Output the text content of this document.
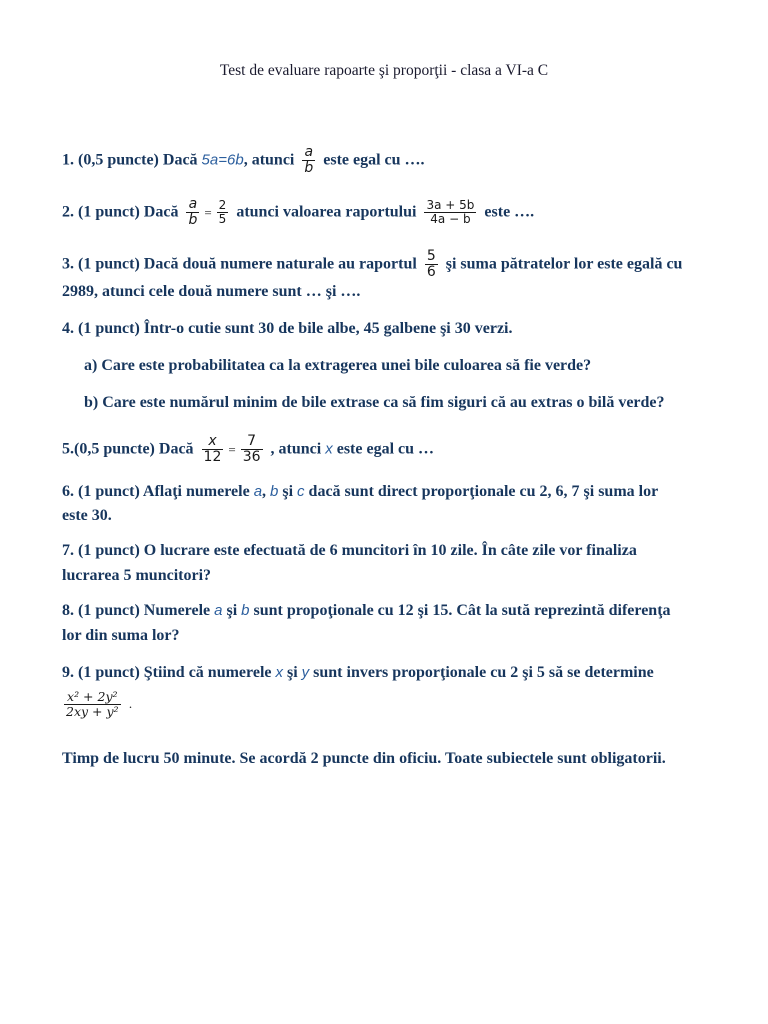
Test de evaluare rapoarte şi proporţii - clasa a VI-a C
1. (0,5 puncte) Dacă 5a=6b, atunci $\frac{a}{b}$ este egal cu ….
2. (1 punct) Dacă $\frac{a}{b} = \frac{2}{5}$ atunci valoarea raportului $\frac{3a + 5b}{4a - b}$ este ….
3. (1 punct) Dacă două numere naturale au raportul $\frac{5}{6}$ şi suma pătratelor lor este egală cu
2989, atunci cele două numere sunt … şi ….
4. (1 punct) Într-o cutie sunt 30 de bile albe, 45 galbene şi 30 verzi.
a) Care este probabilitatea ca la extragerea unei bile culoarea să fie verde?
b) Care este numărul minim de bile extrase ca să fim siguri că au extras o bilă verde?
5.(0,5 puncte) Dacă $\frac{x}{12} = \frac{7}{36}$ , atunci x este egal cu …
6. (1 punct) Aflaţi numerele a, b şi c dacă sunt direct proporţionale cu 2, 6, 7 şi suma lor
este 30.
7. (1 punct) O lucrare este efectuată de 6 muncitori în 10 zile. În câte zile vor finaliza
lucrarea 5 muncitori?
8. (1 punct) Numerele a şi b sunt propoţionale cu 12 şi 15. Cât la sută reprezintă diferenţa
lor din suma lor?
9. (1 punct) Ştiind că numerele x şi y sunt invers proporţionale cu 2 şi 5 să se determine
$\frac{\text{x² + 2y²}}{\text{2xy + y²}}$ .
Timp de lucru 50 minute. Se acordă 2 puncte din oficiu. Toate subiectele sunt obligatorii.
